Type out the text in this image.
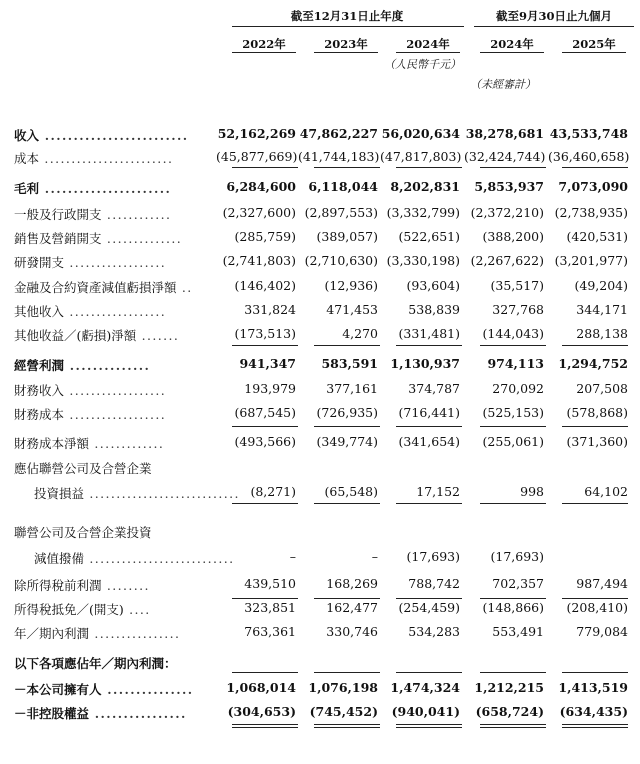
截至12月31日止年度	截至9月30日止九個月
2022年	2023年	2024年	2024年	2025年
（人民幣千元）
（未經審計）
收入 ......................... 52,162,269 47,862,227 56,020,634 38,278,681 43,533,748
成本 ........................	(45,877,669) (41,744,183) (47,817,803) (32,424,744) (36,460,658)
毛利 ......................	6,284,600 6,118,044 8,202,831	5,853,937	7,073,090
一般及行政開支 ............	(2,327,600) (2,897,553) (3,332,799) (2,372,210) (2,738,935)
銷售及營銷開支 ..............	(285,759)	(389,057)	(522,651)	(388,200)	(420,531)
研發開支 ..................	(2,741,803) (2,710,630) (3,330,198) (2,267,622) (3,201,977)
金融及合約資產減值虧損淨額 ..	(146,402)	(12,936)	(93,604)	(35,517)	(49,204)
其他收入 ..................	331,824	471,453	538,839	327,768	344,171
其他收益／(虧損)淨額 .......	(173,513)	4,270	(331,481)	(144,043)	288,138
經營利潤 ..............	941,347	583,591 1,130,937	974,113	1,294,752
財務收入 ..................	193,979	377,161	374,787	270,092	207,508
財務成本 ..................	(687,545)	(726,935)	(716,441)	(525,153)	(578,868)
財務成本淨額 .............	(493,566)	(349,774)	(341,654)	(255,061)	(371,360)
應佔聯營公司及合營企業
投資損益 ............................ (8,271)	(65,548)	17,152	998	64,102
聯營公司及合營企業投資
減值撥備 ...........................	–	–	(17,693)	(17,693)
除所得稅前利潤 ........	439,510	168,269	788,742	702,357	987,494
所得稅抵免／(開支) ....	323,851	162,477	(254,459)	(148,866)	(208,410)
年／期內利潤 ................	763,361	330,746	534,283	553,491	779,084
以下各項應佔年／期內利潤：
－本公司擁有人 ...............	1,068,014 1,076,198 1,474,324	1,212,215	1,413,519
－非控股權益 ................	(304,653)	(745,452)	(940,041)	(658,724)	(634,435)
